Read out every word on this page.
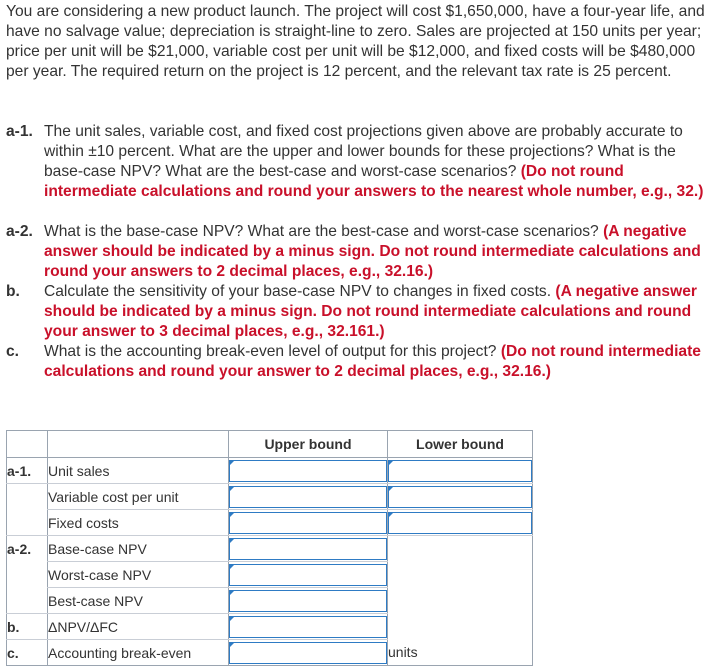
You are considering a new product launch. The project will cost $1,650,000, have a four-year life, and have no salvage value; depreciation is straight-line to zero. Sales are projected at 150 units per year; price per unit will be $21,000, variable cost per unit will be $12,000, and fixed costs will be $480,000 per year. The required return on the project is 12 percent, and the relevant tax rate is 25 percent.

a-1. The unit sales, variable cost, and fixed cost projections given above are probably accurate to within ±10 percent. What are the upper and lower bounds for these projections? What is the base-case NPV? What are the best-case and worst-case scenarios? (Do not round intermediate calculations and round your answers to the nearest whole number, e.g., 32.)
a-2. What is the base-case NPV? What are the best-case and worst-case scenarios? (A negative answer should be indicated by a minus sign. Do not round intermediate calculations and round your answers to 2 decimal places, e.g., 32.16.)
b. Calculate the sensitivity of your base-case NPV to changes in fixed costs. (A negative answer should be indicated by a minus sign. Do not round intermediate calculations and round your answer to 3 decimal places, e.g., 32.161.)
c. What is the accounting break-even level of output for this project? (Do not round intermediate calculations and round your answer to 2 decimal places, e.g., 32.16.)
		Upper bound	Lower bound
a-1.	Unit sales	

	Variable cost per unit	

	Fixed costs	

a-2.	Base-case NPV	

	Worst-case NPV	

	Best-case NPV	

b.	ΔNPV/ΔFC	

c.	Accounting break-even		units
